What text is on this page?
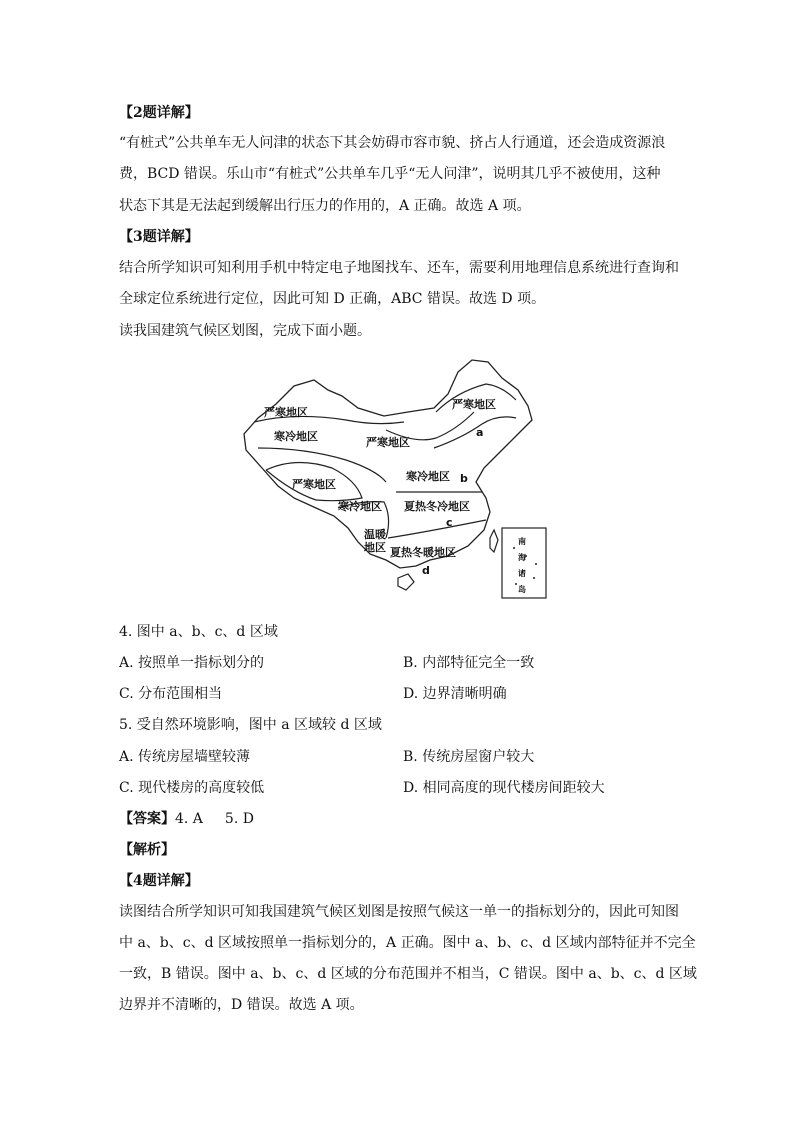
【2题详解】
“有桩式”公共单车无人问津的状态下其会妨碍市容市貌、挤占人行通道，还会造成资源浪
费，BCD 错误。乐山市“有桩式”公共单车几乎“无人问津”，说明其几乎不被使用，这种
状态下其是无法起到缓解出行压力的作用的，A 正确。故选 A 项。
【3题详解】
结合所学知识可知利用手机中特定电子地图找车、还车，需要利用地理信息系统进行查询和
全球定位系统进行定位，因此可知 D 正确，ABC 错误。故选 D 项。
读我国建筑气候区划图，完成下面小题。
严寒地区
严寒地区
寒冷地区	严寒地区
a
严寒地区
寒冷地区 b
寒冷地区 夏热冬冷地区
c
温暖
地区 夏热冬暖地区
d
南
海
诸
岛
4. 图中 a、b、c、d 区域
A. 按照单一指标划分的	B. 内部特征完全一致
C. 分布范围相当	D. 边界清晰明确
5. 受自然环境影响，图中 a 区域较 d 区域
A. 传统房屋墙壁较薄	B. 传统房屋窗户较大
C. 现代楼房的高度较低	D. 相同高度的现代楼房间距较大
【答案】4. A 5. D
【解析】
【4题详解】
读图结合所学知识可知我国建筑气候区划图是按照气候这一单一的指标划分的，因此可知图
中 a、b、c、d 区域按照单一指标划分的，A 正确。图中 a、b、c、d 区域内部特征并不完全
一致，B 错误。图中 a、b、c、d 区域的分布范围并不相当，C 错误。图中 a、b、c、d 区域
边界并不清晰的，D 错误。故选 A 项。
